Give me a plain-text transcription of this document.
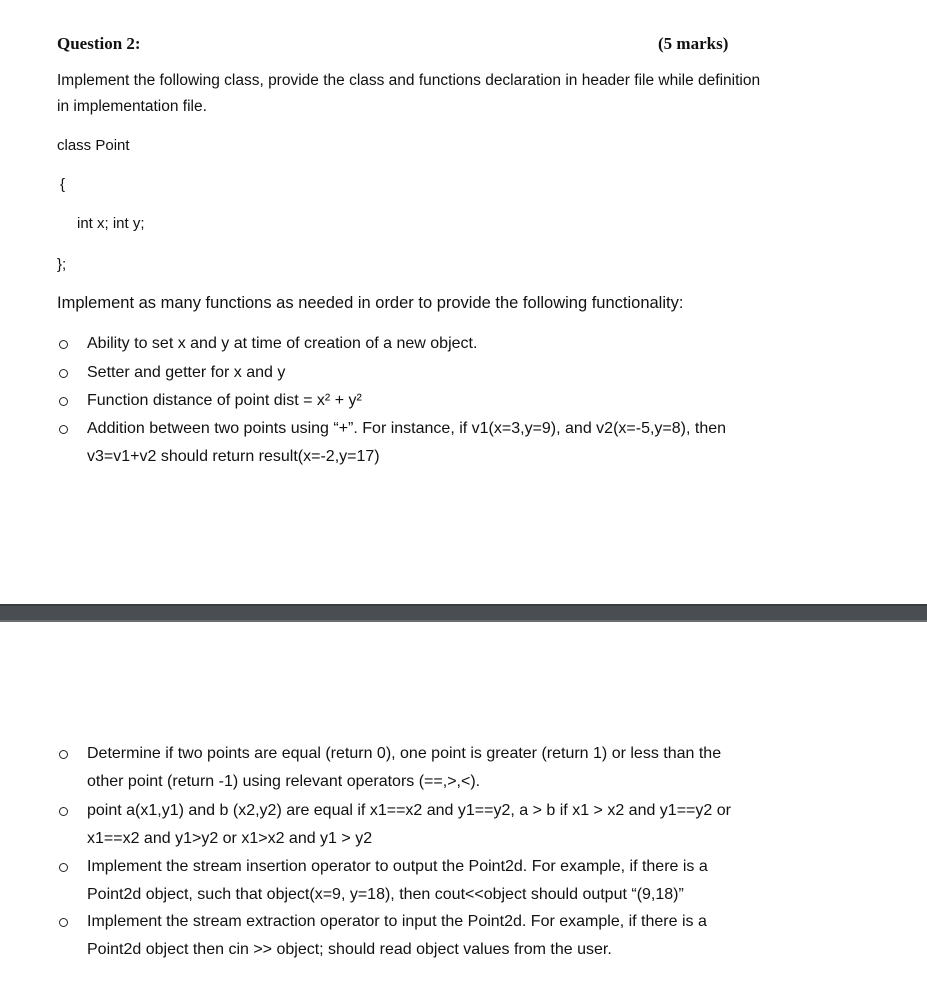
Question 2:	(5 marks)
Implement the following class, provide the class and functions declaration in header file while definition
in implementation file.
class Point
{
int x; int y;
};
Implement as many functions as needed in order to provide the following functionality:
Ability to set x and y at time of creation of a new object.
Setter and getter for x and y
Function distance of point dist = x² + y²
Addition between two points using “+”. For instance, if v1(x=3,y=9), and v2(x=-5,y=8), then
v3=v1+v2 should return result(x=-2,y=17)
Determine if two points are equal (return 0), one point is greater (return 1) or less than the
other point (return -1) using relevant operators (==,>,<).
point a(x1,y1) and b (x2,y2) are equal if x1==x2 and y1==y2, a > b if x1 > x2 and y1==y2 or
x1==x2 and y1>y2 or x1>x2 and y1 > y2
Implement the stream insertion operator to output the Point2d. For example, if there is a
Point2d object, such that object(x=9, y=18), then cout<<object should output “(9,18)”
Implement the stream extraction operator to input the Point2d. For example, if there is a
Point2d object then cin >> object; should read object values from the user.
